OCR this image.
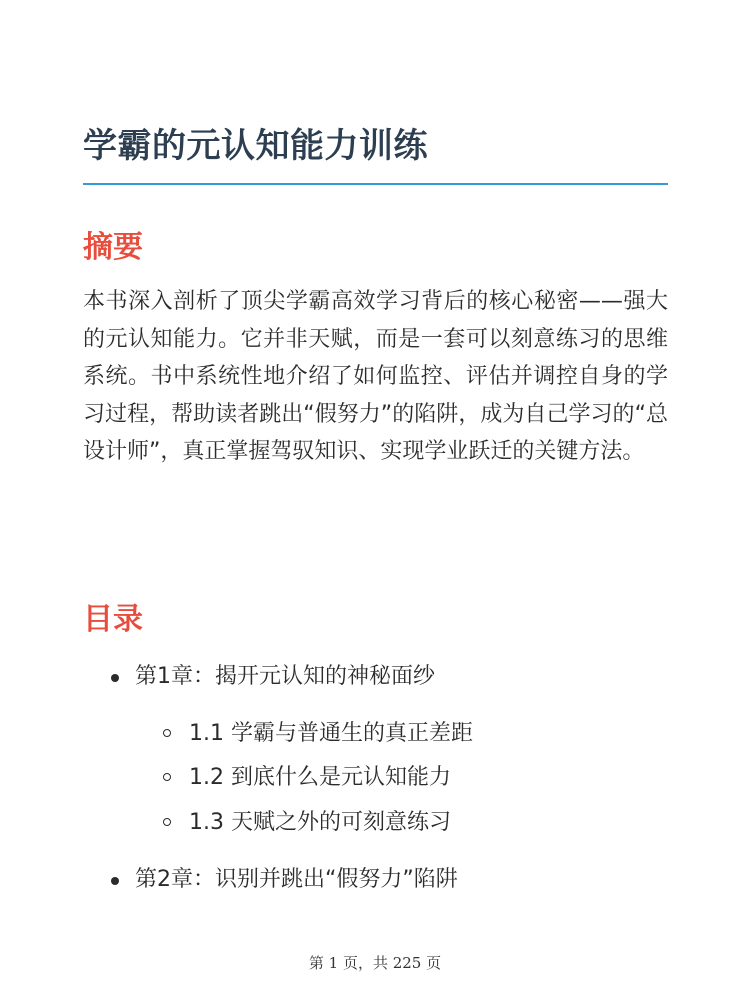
学霸的元认知能力训练
摘要

本书深入剖析了顶尖学霸高效学习背后的核心秘密——强大的元认知能力。它并非天赋，而是一套可以刻意练习的思维系统。书中系统性地介绍了如何监控、评估并调控自身的学习过程，帮助读者跳出“假努力”的陷阱，成为自己学习的“总设计师”，真正掌握驾驭知识、实现学业跃迁的关键方法。

目录
第1章：揭开元认知的神秘面纱
1.1 学霸与普通生的真正差距
1.2 到底什么是元认知能力
1.3 天赋之外的可刻意练习
第2章：识别并跳出“假努力”陷阱
第 1 页，共 225 页
